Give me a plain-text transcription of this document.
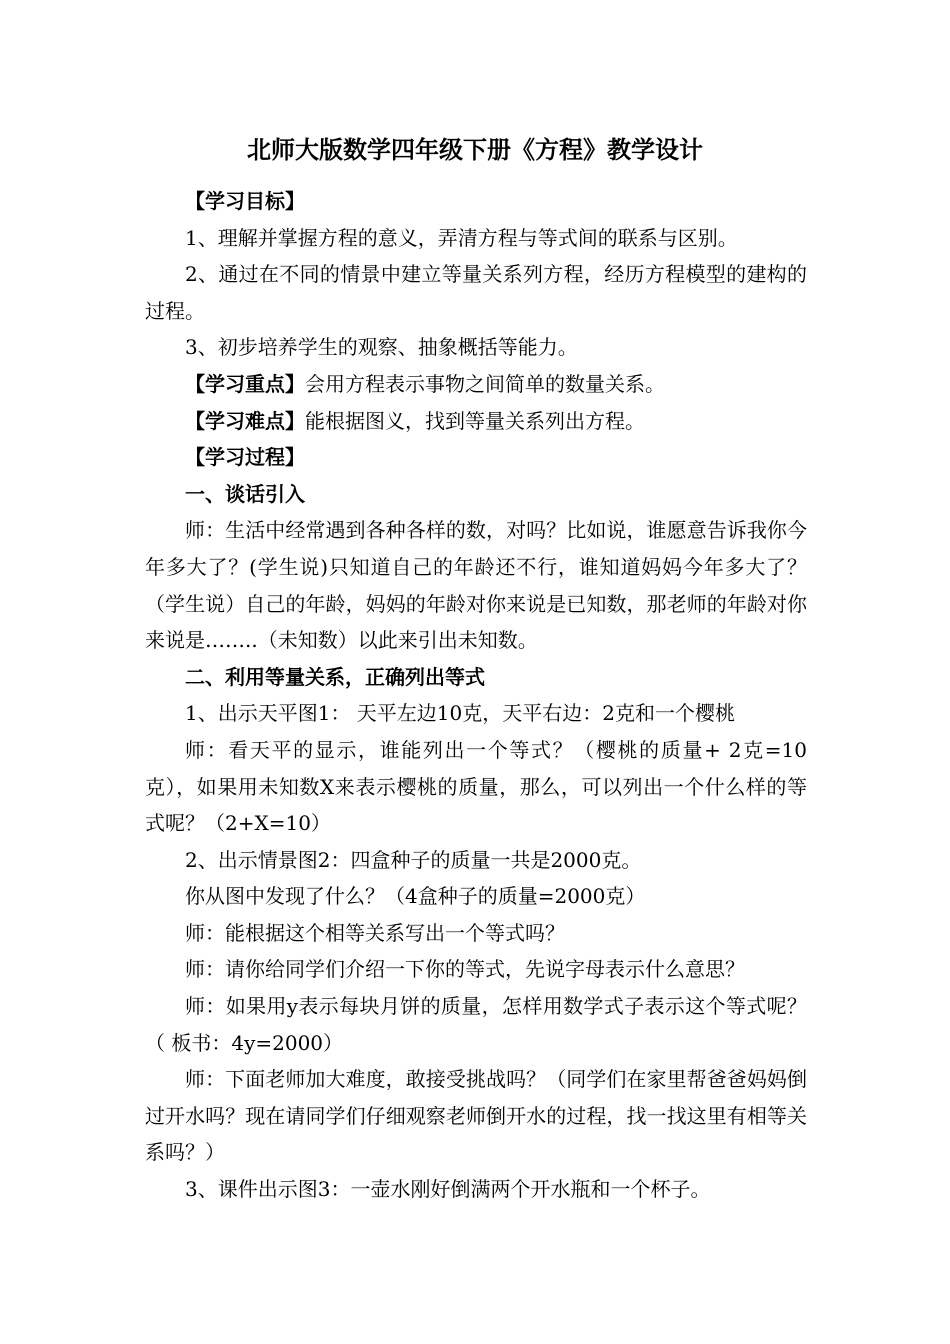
北师大版数学四年级下册《方程》教学设计

【学习目标】

1、理解并掌握方程的意义，弄清方程与等式间的联系与区别。

2、通过在不同的情景中建立等量关系列方程，经历方程模型的建构的过程。

3、初步培养学生的观察、抽象概括等能力。

【学习重点】会用方程表示事物之间简单的数量关系。

【学习难点】能根据图义，找到等量关系列出方程。

【学习过程】

一、谈话引入

师：生活中经常遇到各种各样的数，对吗？比如说，谁愿意告诉我你今年多大了？(学生说)只知道自己的年龄还不行，谁知道妈妈今年多大了？（学生说）自己的年龄，妈妈的年龄对你来说是已知数，那老师的年龄对你来说是……..（未知数）以此来引出未知数。

二、利用等量关系，正确列出等式

1、出示天平图1： 天平左边10克，天平右边：2克和一个樱桃

师：看天平的显示，谁能列出一个等式？（樱桃的质量+ 2克=10克），如果用未知数X来表示樱桃的质量，那么，可以列出一个什么样的等式呢？（2+X=10）

2、出示情景图2：四盒种子的质量一共是2000克。

你从图中发现了什么？（4盒种子的质量=2000克）

师：能根据这个相等关系写出一个等式吗？

师：请你给同学们介绍一下你的等式，先说字母表示什么意思？

师：如果用y表示每块月饼的质量，怎样用数学式子表示这个等式呢？（ 板书：4y=2000）

师：下面老师加大难度，敢接受挑战吗？（同学们在家里帮爸爸妈妈倒过开水吗？现在请同学们仔细观察老师倒开水的过程，找一找这里有相等关系吗？）

3、课件出示图3：一壶水刚好倒满两个开水瓶和一个杯子。
